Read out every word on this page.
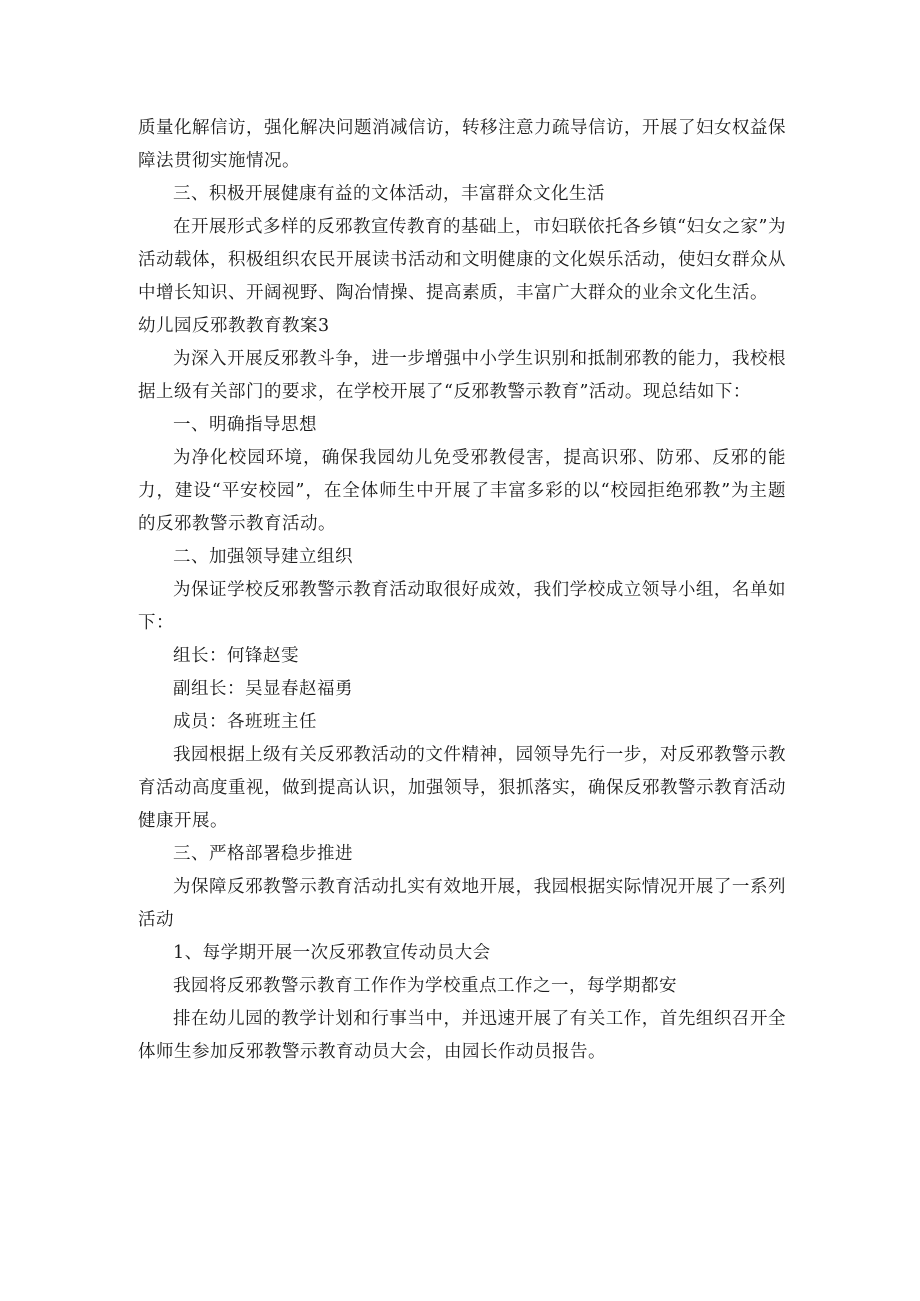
质量化解信访，强化解决问题消减信访，转移注意力疏导信访，开展了妇女权益保障法贯彻实施情况。

三、积极开展健康有益的文体活动，丰富群众文化生活

在开展形式多样的反邪教宣传教育的基础上，市妇联依托各乡镇“妇女之家”为活动载体，积极组织农民开展读书活动和文明健康的文化娱乐活动，使妇女群众从中增长知识、开阔视野、陶冶情操、提高素质，丰富广大群众的业余文化生活。

幼儿园反邪教教育教案3

为深入开展反邪教斗争，进一步增强中小学生识别和抵制邪教的能力，我校根据上级有关部门的要求，在学校开展了“反邪教警示教育”活动。现总结如下：

一、明确指导思想

为净化校园环境，确保我园幼儿免受邪教侵害，提高识邪、防邪、反邪的能力，建设“平安校园”，在全体师生中开展了丰富多彩的以“校园拒绝邪教”为主题的反邪教警示教育活动。

二、加强领导建立组织

为保证学校反邪教警示教育活动取很好成效，我们学校成立领导小组，名单如下：

组长：何锋赵雯

副组长：吴显春赵福勇

成员：各班班主任

我园根据上级有关反邪教活动的文件精神，园领导先行一步，对反邪教警示教育活动高度重视，做到提高认识，加强领导，狠抓落实，确保反邪教警示教育活动健康开展。

三、严格部署稳步推进

为保障反邪教警示教育活动扎实有效地开展，我园根据实际情况开展了一系列活动

1、每学期开展一次反邪教宣传动员大会

我园将反邪教警示教育工作作为学校重点工作之一，每学期都安

排在幼儿园的教学计划和行事当中，并迅速开展了有关工作，首先组织召开全体师生参加反邪教警示教育动员大会，由园长作动员报告。
